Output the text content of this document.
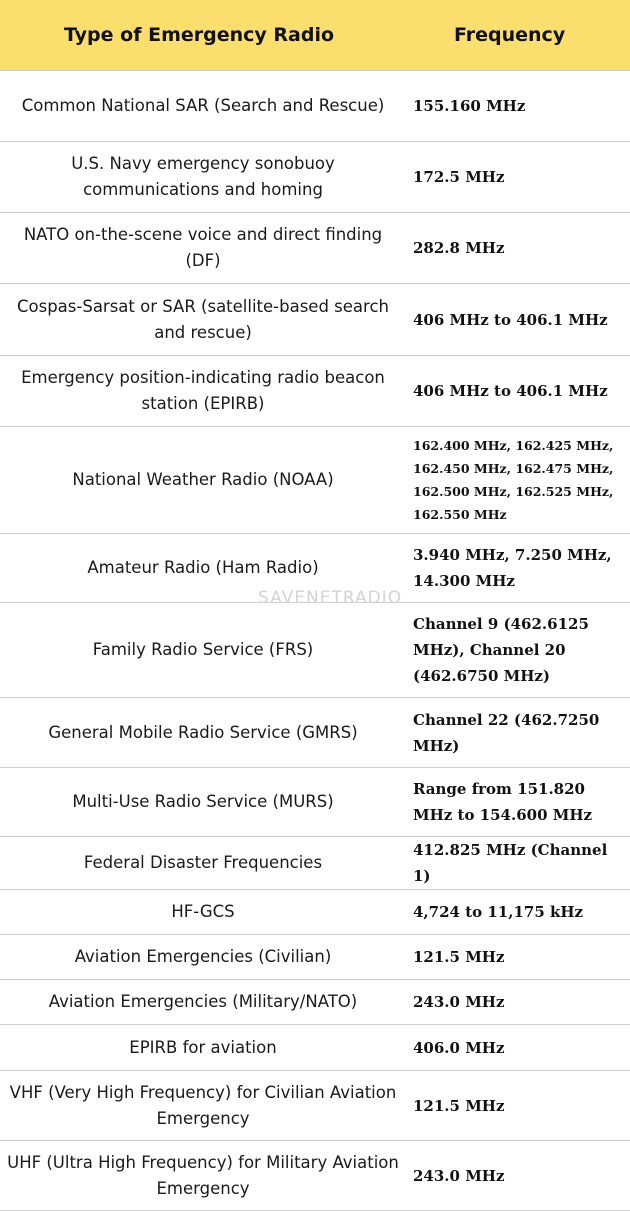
Type of Emergency Radio	Frequency
Common National SAR (Search and Rescue)	155.160 MHz
U.S. Navy emergency sonobuoy communications and homing	172.5 MHz
NATO on-the-scene voice and direct finding (DF)	282.8 MHz
Cospas-Sarsat or SAR (satellite-based search and rescue)	406 MHz to 406.1 MHz
Emergency position-indicating radio beacon station (EPIRB)	406 MHz to 406.1 MHz
National Weather Radio (NOAA)	162.400 MHz, 162.425 MHz, 162.450 MHz, 162.475 MHz, 162.500 MHz, 162.525 MHz, 162.550 MHz
Amateur Radio (Ham Radio)	3.940 MHz, 7.250 MHz, 14.300 MHz
Family Radio Service (FRS)	Channel 9 (462.6125 MHz), Channel 20 (462.6750 MHz)
General Mobile Radio Service (GMRS)	Channel 22 (462.7250 MHz)
Multi-Use Radio Service (MURS)	Range from 151.820 MHz to 154.600 MHz
Federal Disaster Frequencies	412.825 MHz (Channel 1)
HF-GCS	4,724 to 11,175 kHz
Aviation Emergencies (Civilian)	121.5 MHz
Aviation Emergencies (Military/NATO)	243.0 MHz
EPIRB for aviation	406.0 MHz
VHF (Very High Frequency) for Civilian Aviation Emergency	121.5 MHz
UHF (Ultra High Frequency) for Military Aviation Emergency	243.0 MHz
SAVENETRADIO
